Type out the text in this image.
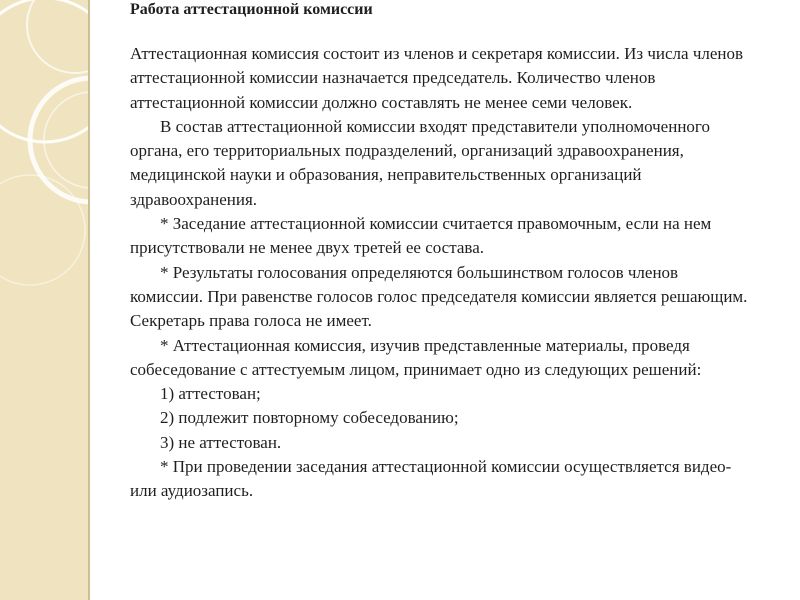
Работа аттестационной комиссии

Аттестационная комиссия состоит из членов и секретаря комиссии. Из числа членов аттестационной комиссии назначается председатель. Количество членов аттестационной комиссии должно составлять не менее семи человек.

В состав аттестационной комиссии входят представители уполномоченного органа, его территориальных подразделений, организаций здравоохранения, медицинской науки и образования, неправительственных организаций здравоохранения.

* Заседание аттестационной комиссии считается правомочным, если на нем присутствовали не менее двух третей ее состава.

* Результаты голосования определяются большинством голосов членов комиссии. При равенстве голосов голос председателя комиссии является решающим. Секретарь права голоса не имеет.

* Аттестационная комиссия, изучив представленные материалы, проведя собеседование с аттестуемым лицом, принимает одно из следующих решений:

1) аттестован;

2) подлежит повторному собеседованию;

3) не аттестован.

* При проведении заседания аттестационной комиссии осуществляется видео- или аудиозапись.
